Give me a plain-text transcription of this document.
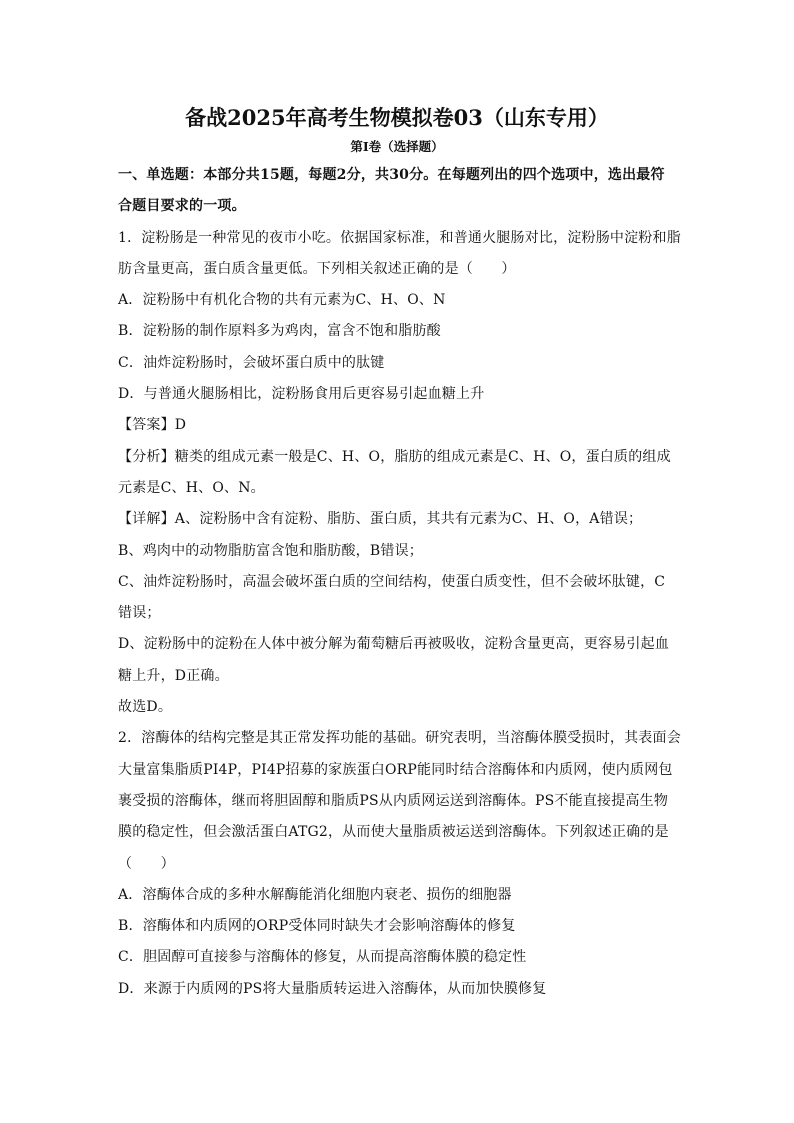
备战2025年高考生物模拟卷03（山东专用）
第I卷（选择题）
一、单选题：本部分共15题，每题2分，共30分。在每题列出的四个选项中，选出最符
合题目要求的一项。
1．淀粉肠是一种常见的夜市小吃。依据国家标准，和普通火腿肠对比，淀粉肠中淀粉和脂
肪含量更高，蛋白质含量更低。下列相关叙述正确的是（　　）
A．淀粉肠中有机化合物的共有元素为C、H、O、N
B．淀粉肠的制作原料多为鸡肉，富含不饱和脂肪酸
C．油炸淀粉肠时，会破坏蛋白质中的肽键
D．与普通火腿肠相比，淀粉肠食用后更容易引起血糖上升
【答案】D
【分析】糖类的组成元素一般是C、H、O，脂肪的组成元素是C、H、O，蛋白质的组成
元素是C、H、O、N。
【详解】A、淀粉肠中含有淀粉、脂肪、蛋白质，其共有元素为C、H、O，A错误；
B、鸡肉中的动物脂肪富含饱和脂肪酸，B错误；
C、油炸淀粉肠时，高温会破坏蛋白质的空间结构，使蛋白质变性，但不会破坏肽键，C
错误；
D、淀粉肠中的淀粉在人体中被分解为葡萄糖后再被吸收，淀粉含量更高，更容易引起血
糖上升，D正确。
故选D。
2．溶酶体的结构完整是其正常发挥功能的基础。研究表明，当溶酶体膜受损时，其表面会
大量富集脂质PI4P，PI4P招募的家族蛋白ORP能同时结合溶酶体和内质网，使内质网包
裹受损的溶酶体，继而将胆固醇和脂质PS从内质网运送到溶酶体。PS不能直接提高生物
膜的稳定性，但会激活蛋白ATG2，从而使大量脂质被运送到溶酶体。下列叙述正确的是
（　　）
A．溶酶体合成的多种水解酶能消化细胞内衰老、损伤的细胞器
B．溶酶体和内质网的ORP受体同时缺失才会影响溶酶体的修复
C．胆固醇可直接参与溶酶体的修复，从而提高溶酶体膜的稳定性
D．来源于内质网的PS将大量脂质转运进入溶酶体，从而加快膜修复
